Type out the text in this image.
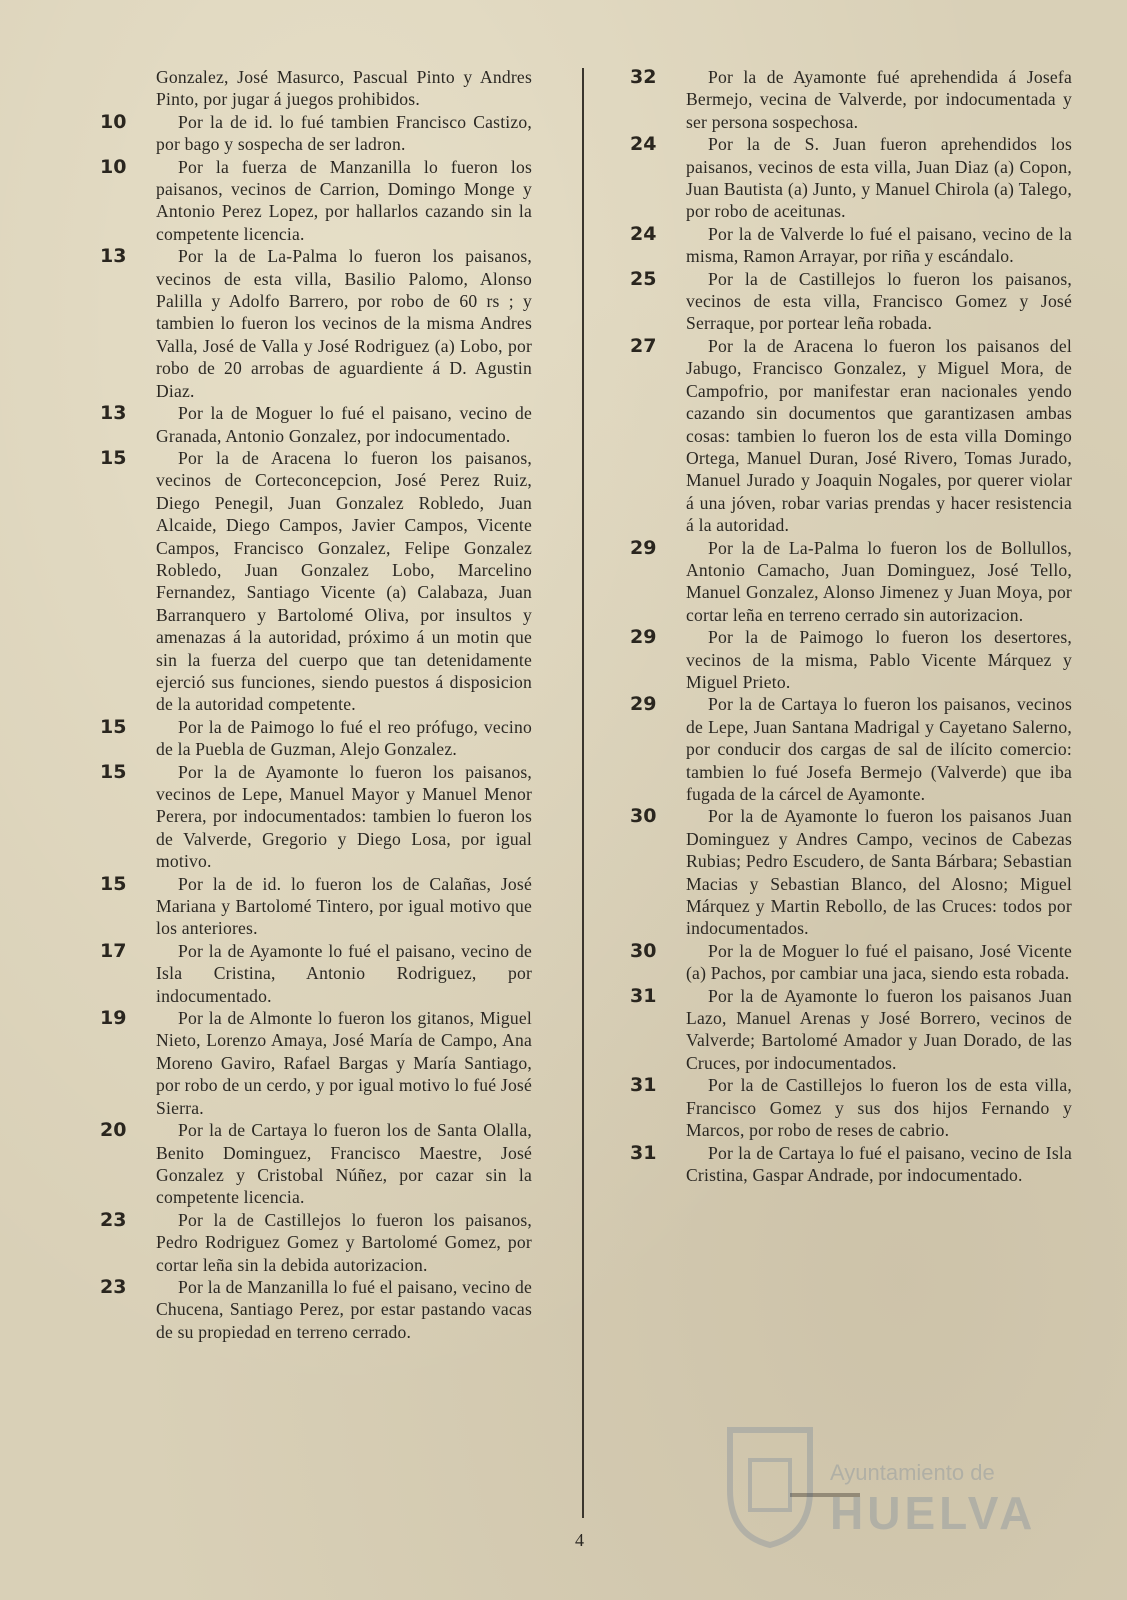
Gonzalez, José Masurco, Pascual Pinto y Andres Pinto, por jugar á juegos prohibidos.
10	Por la de id. lo fué tambien Francisco Castizo, por bago y sospecha de ser ladron.
10	Por la fuerza de Manzanilla lo fueron los paisanos, vecinos de Carrion, Domingo Monge y Antonio Perez Lopez, por hallarlos cazando sin la competente licencia.
13	Por la de La-Palma lo fueron los paisanos, vecinos de esta villa, Basilio Palomo, Alonso Palilla y Adolfo Barrero, por robo de 60 rs ; y tambien lo fueron los vecinos de la misma Andres Valla, José de Valla y José Rodriguez (a) Lobo, por robo de 20 arrobas de aguardiente á D. Agustin Diaz.
13	Por la de Moguer lo fué el paisano, vecino de Granada, Antonio Gonzalez, por indocumentado.
15	Por la de Aracena lo fueron los paisanos, vecinos de Corteconcepcion, José Perez Ruiz, Diego Penegil, Juan Gonzalez Robledo, Juan Alcaide, Diego Campos, Javier Campos, Vicente Campos, Francisco Gonzalez, Felipe Gonzalez Robledo, Juan Gonzalez Lobo, Marcelino Fernandez, Santiago Vicente (a) Calabaza, Juan Barranquero y Bartolomé Oliva, por insultos y amenazas á la autoridad, próximo á un motin que sin la fuerza del cuerpo que tan detenidamente ejerció sus funciones, siendo puestos á disposicion de la autoridad competente.
15	Por la de Paimogo lo fué el reo prófugo, vecino de la Puebla de Guzman, Alejo Gonzalez.
15	Por la de Ayamonte lo fueron los paisanos, vecinos de Lepe, Manuel Mayor y Manuel Menor Perera, por indocumentados: tambien lo fueron los de Valverde, Gregorio y Diego Losa, por igual motivo.
15	Por la de id. lo fueron los de Calañas, José Mariana y Bartolomé Tintero, por igual motivo que los anteriores.
17	Por la de Ayamonte lo fué el paisano, vecino de Isla Cristina, Antonio Rodriguez, por indocumentado.
19	Por la de Almonte lo fueron los gitanos, Miguel Nieto, Lorenzo Amaya, José María de Campo, Ana Moreno Gaviro, Rafael Bargas y María Santiago, por robo de un cerdo, y por igual motivo lo fué José Sierra.
20	Por la de Cartaya lo fueron los de Santa Olalla, Benito Dominguez, Francisco Maestre, José Gonzalez y Cristobal Núñez, por cazar sin la competente licencia.
23	Por la de Castillejos lo fueron los paisanos, Pedro Rodriguez Gomez y Bartolomé Gomez, por cortar leña sin la debida autorizacion.
23	Por la de Manzanilla lo fué el paisano, vecino de Chucena, Santiago Perez, por estar pastando vacas de su propiedad en terreno cerrado.
32	Por la de Ayamonte fué aprehendida á Josefa Bermejo, vecina de Valverde, por indocumentada y ser persona sospechosa.
24	Por la de S. Juan fueron aprehendidos los paisanos, vecinos de esta villa, Juan Diaz (a) Copon, Juan Bautista (a) Junto, y Manuel Chirola (a) Talego, por robo de aceitunas.
24	Por la de Valverde lo fué el paisano, vecino de la misma, Ramon Arrayar, por riña y escándalo.
25	Por la de Castillejos lo fueron los paisanos, vecinos de esta villa, Francisco Gomez y José Serraque, por portear leña robada.
27	Por la de Aracena lo fueron los paisanos del Jabugo, Francisco Gonzalez, y Miguel Mora, de Campofrio, por manifestar eran nacionales yendo cazando sin documentos que garantizasen ambas cosas: tambien lo fueron los de esta villa Domingo Ortega, Manuel Duran, José Rivero, Tomas Jurado, Manuel Jurado y Joaquin Nogales, por querer violar á una jóven, robar varias prendas y hacer resistencia á la autoridad.
29	Por la de La-Palma lo fueron los de Bollullos, Antonio Camacho, Juan Dominguez, José Tello, Manuel Gonzalez, Alonso Jimenez y Juan Moya, por cortar leña en terreno cerrado sin autorizacion.
29	Por la de Paimogo lo fueron los desertores, vecinos de la misma, Pablo Vicente Márquez y Miguel Prieto.
29	Por la de Cartaya lo fueron los paisanos, vecinos de Lepe, Juan Santana Madrigal y Cayetano Salerno, por conducir dos cargas de sal de ilícito comercio: tambien lo fué Josefa Bermejo (Valverde) que iba fugada de la cárcel de Ayamonte.
30	Por la de Ayamonte lo fueron los paisanos Juan Dominguez y Andres Campo, vecinos de Cabezas Rubias; Pedro Escudero, de Santa Bárbara; Sebastian Macias y Sebastian Blanco, del Alosno; Miguel Márquez y Martin Rebollo, de las Cruces: todos por indocumentados.
30	Por la de Moguer lo fué el paisano, José Vicente (a) Pachos, por cambiar una jaca, siendo esta robada.
31	Por la de Ayamonte lo fueron los paisanos Juan Lazo, Manuel Arenas y José Borrero, vecinos de Valverde; Bartolomé Amador y Juan Dorado, de las Cruces, por indocumentados.
31	Por la de Castillejos lo fueron los de esta villa, Francisco Gomez y sus dos hijos Fernando y Marcos, por robo de reses de cabrio.
31	Por la de Cartaya lo fué el paisano, vecino de Isla Cristina, Gaspar Andrade, por indocumentado.
4
Ayuntamiento de
HUELVA
